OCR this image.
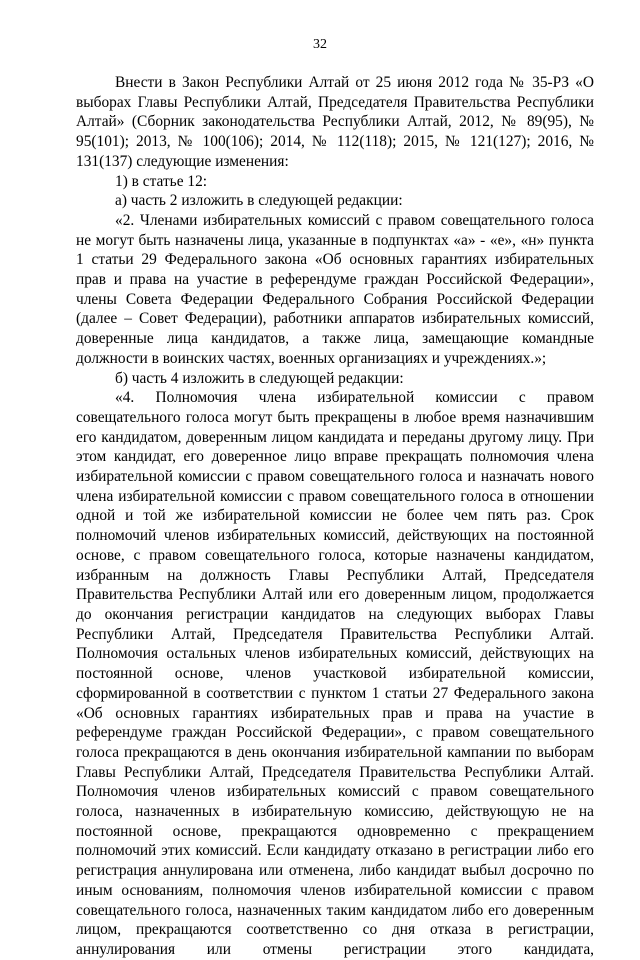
32

Внести в Закон Республики Алтай от 25 июня 2012 года № 35-РЗ «О выборах Главы Республики Алтай, Председателя Правительства Республики Алтай» (Сборник законодательства Республики Алтай, 2012, № 89(95), № 95(101); 2013, № 100(106); 2014, № 112(118); 2015, № 121(127); 2016, № 131(137) следующие изменения:

1) в статье 12:

а) часть 2 изложить в следующей редакции:

«2. Членами избирательных комиссий с правом совещательного голоса не могут быть назначены лица, указанные в подпунктах «а» - «е», «н» пункта 1 статьи 29 Федерального закона «Об основных гарантиях избирательных прав и права на участие в референдуме граждан Российской Федерации», члены Совета Федерации Федерального Собрания Российской Федерации (далее – Совет Федерации), работники аппаратов избирательных комиссий, доверенные лица кандидатов, а также лица, замещающие командные должности в воинских частях, военных организациях и учреждениях.»;

б) часть 4 изложить в следующей редакции:

«4. Полномочия члена избирательной комиссии с правом совещательного голоса могут быть прекращены в любое время назначившим его кандидатом, доверенным лицом кандидата и переданы другому лицу. При этом кандидат, его доверенное лицо вправе прекращать полномочия члена избирательной комиссии с правом совещательного голоса и назначать нового члена избирательной комиссии с правом совещательного голоса в отношении одной и той же избирательной комиссии не более чем пять раз. Срок полномочий членов избирательных комиссий, действующих на постоянной основе, с правом совещательного голоса, которые назначены кандидатом, избранным на должность Главы Республики Алтай, Председателя Правительства Республики Алтай или его доверенным лицом, продолжается до окончания регистрации кандидатов на следующих выборах Главы Республики Алтай, Председателя Правительства Республики Алтай. Полномочия остальных членов избирательных комиссий, действующих на постоянной основе, членов участковой избирательной комиссии, сформированной в соответствии с пунктом 1 статьи 27 Федерального закона «Об основных гарантиях избирательных прав и права на участие в референдуме граждан Российской Федерации», с правом совещательного голоса прекращаются в день окончания избирательной кампании по выборам Главы Республики Алтай, Председателя Правительства Республики Алтай. Полномочия членов избирательных комиссий с правом совещательного голоса, назначенных в избирательную комиссию, действующую не на постоянной основе, прекращаются одновременно с прекращением полномочий этих комиссий. Если кандидату отказано в регистрации либо его регистрация аннулирована или отменена, либо кандидат выбыл досрочно по иным основаниям, полномочия членов избирательной комиссии с правом совещательного голоса, назначенных таким кандидатом либо его доверенным лицом, прекращаются соответственно со дня отказа в регистрации, аннулирования или отмены регистрации этого кандидата,
